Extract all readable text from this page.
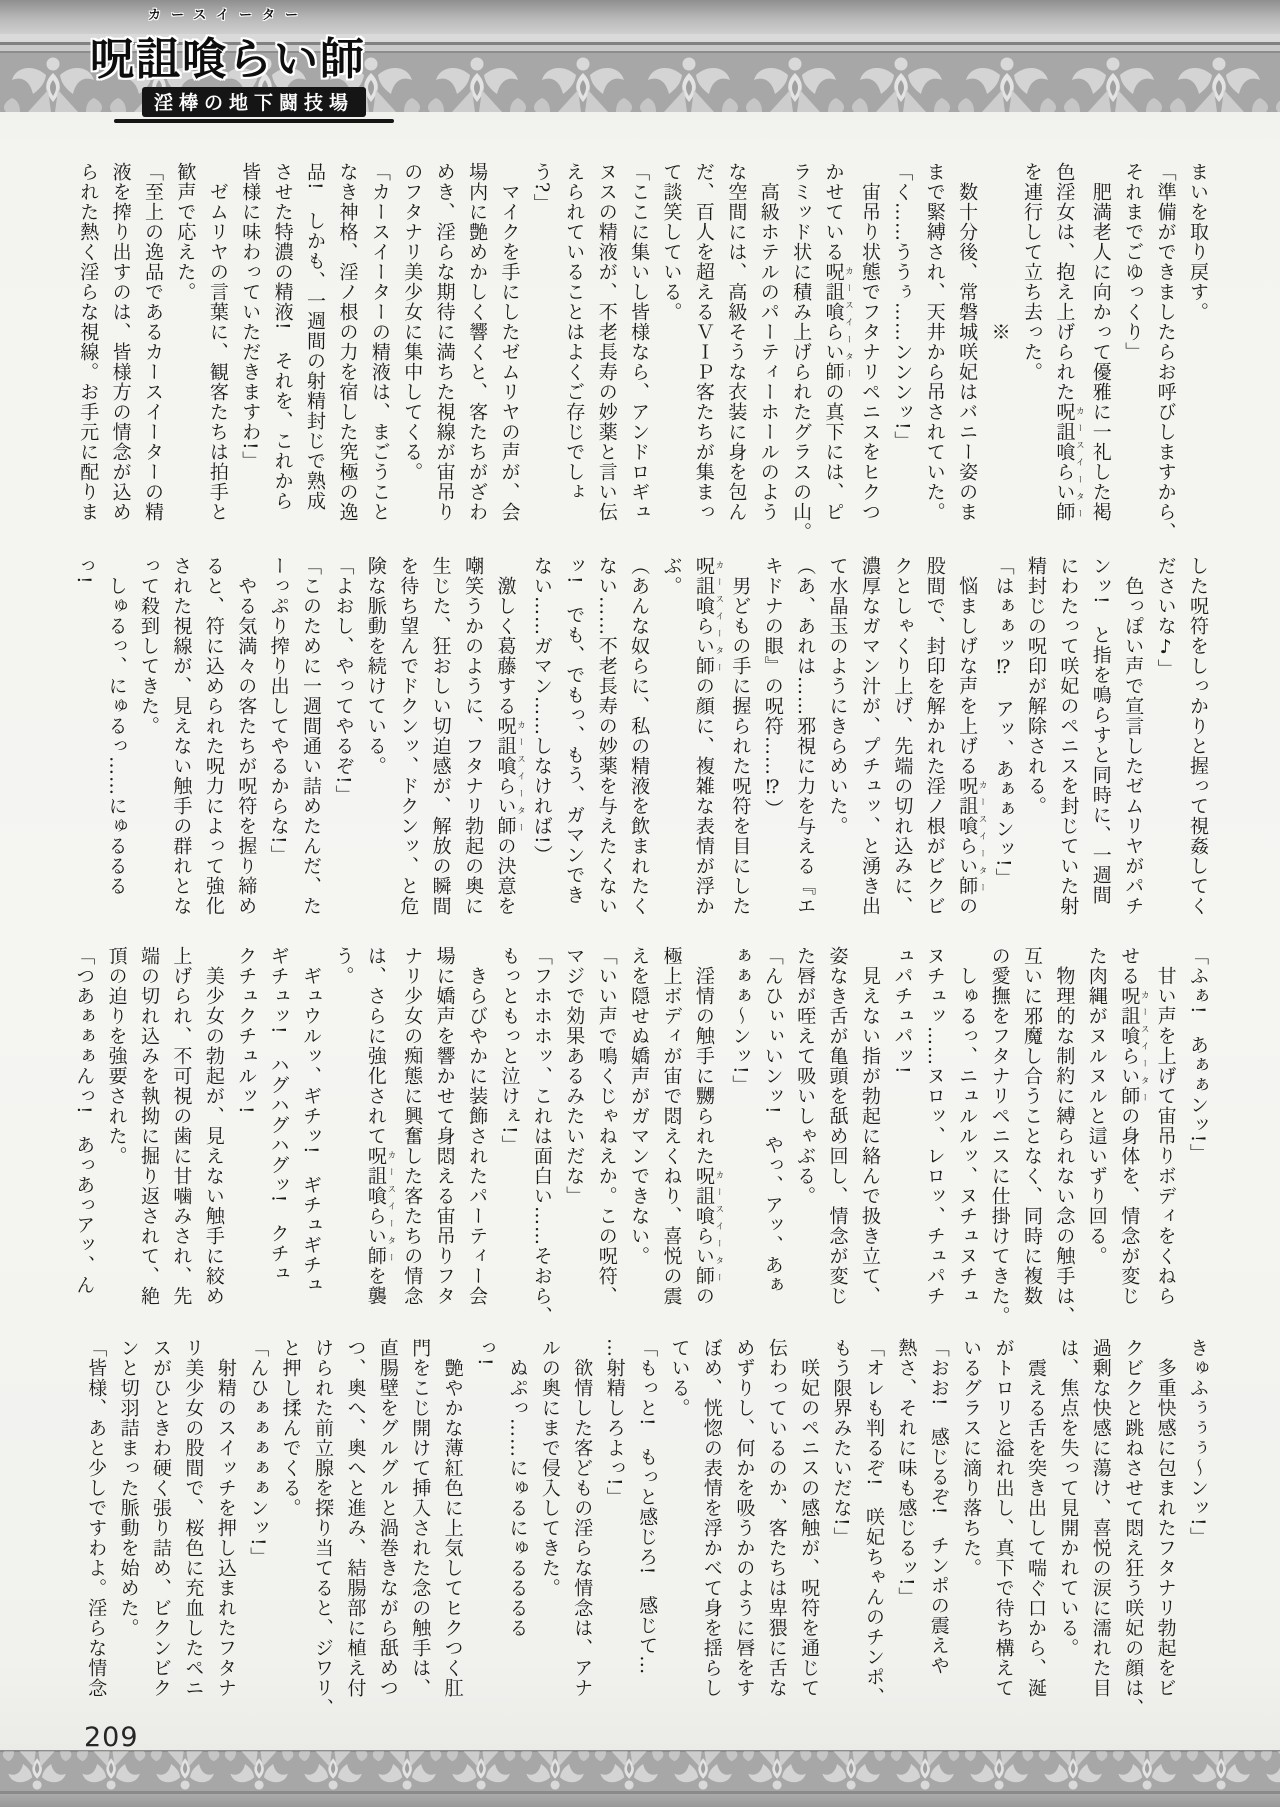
カースイーター
呪詛喰らい師
淫棒の地下闘技場

まいを取り戻す。

「準備ができましたらお呼びしますから、

それまでごゆっくり」

　肥満老人に向かって優雅に一礼した褐

色淫女は、抱え上げられた呪詛喰らい師 カースイーター

を連行して立ち去った。

　　　　　　　　※

　数十分後、常磐城咲妃はバニー姿のま

まで緊縛され、天井から吊されていた。

「く……ううぅ……ンンンッ!」

　宙吊り状態でフタナリペニスをヒクつ

かせている呪詛喰らい師 カースイーターの真下には、ピ

ラミッド状に積み上げられたグラスの山。

　高級ホテルのパーティーホールのよう

な空間には、高級そうな衣装に身を包ん

だ、百人を超えるＶＩＰ客たちが集まっ

て談笑している。

「ここに集いし皆様なら、アンドロギュ

ヌスの精液が、不老長寿の妙薬と言い伝

えられていることはよくご存じでしょ

う?」

　マイクを手にしたゼムリヤの声が、会

場内に艶めかしく響くと、客たちがざわ

めき、淫らな期待に満ちた視線が宙吊り

のフタナリ美少女に集中してくる。

「カースイーターの精液は、まごうこと

なき神格、淫ノ根の力を宿した究極の逸

品!　しかも、一週間の射精封じで熟成

させた特濃の精液!　それを、これから

皆様に味わっていただきますわ!」

　ゼムリヤの言葉に、観客たちは拍手と

歓声で応えた。

「至上の逸品であるカースイーターの精

液を搾り出すのは、皆様方の情念が込め

られた熱く淫らな視線。お手元に配りま

した呪符をしっかりと握って視姦してく

ださいな♪」

　色っぽい声で宣言したゼムリヤがパチ

ンッ!　と指を鳴らすと同時に、一週間

にわたって咲妃のペニスを封じていた射

精封じの呪印が解除される。

「はぁぁッ⁉　アッ、あぁぁンッ!」

　悩ましげな声を上げる呪詛喰らい師 カースイーターの

股間で、封印を解かれた淫ノ根がビクビ

クとしゃくり上げ、先端の切れ込みに、

濃厚なガマン汁が、プチュッ、と湧き出

て水晶玉のようにきらめいた。

（あ、あれは……邪視に力を与える『エ

キドナの眼』の呪符……⁉）

　男どもの手に握られた呪符を目にした

呪詛喰らい師 カースイーターの顔に、複雑な表情が浮か

ぶ。

（あんな奴らに、私の精液を飲まれたく

ない……不老長寿の妙薬を与えたくない

ッ!　でも、でもっ、もう、ガマンでき

ない……ガマン……しなければ!）

　激しく葛藤する呪詛喰らい師 カースイーターの決意を

嘲笑うかのように、フタナリ勃起の奥に

生じた、狂おしい切迫感が、解放の瞬間

を待ち望んでドクンッ、ドクンッ、と危

険な脈動を続けている。

「よおし、やってやるぞ!」

「このために一週間通い詰めたんだ、た

ーっぷり搾り出してやるからな!」

　やる気満々の客たちが呪符を握り締め

ると、符に込められた呪力によって強化

された視線が、見えない触手の群れとな

って殺到してきた。

　しゅるっ、にゅるっ……にゅるるる

っ!

「ふぁ!　あぁぁンッ!」

　甘い声を上げて宙吊りボディをくねら

せる呪詛喰らい師 カースイーターの身体を、情念が変じ

た肉縄がヌルヌルと這いずり回る。

　物理的な制約に縛られない念の触手は、

互いに邪魔し合うことなく、同時に複数

の愛撫をフタナリペニスに仕掛けてきた。

　しゅるっ、ニュルルッ、ヌチュヌチュ

ヌチュッ……ヌロッ、レロッ、チュパチ

ュパチュパッ!

　見えない指が勃起に絡んで扱き立て、

姿なき舌が亀頭を舐め回し、情念が変じ

た唇が咥えて吸いしゃぶる。

「んひぃぃいンッ!　やっ、アッ、あぁ

ぁぁぁ〜ンッ!」

　淫情の触手に嬲られた呪詛喰らい師 カースイーターの

極上ボディが宙で悶えくねり、喜悦の震

えを隠せぬ嬌声がガマンできない。

「いい声で鳴くじゃねえか。この呪符、

マジで効果あるみたいだな」

「フホホホッ、これは面白い……そおら、

もっともっと泣けぇ!」

　きらびやかに装飾されたパーティー会

場に嬌声を響かせて身悶える宙吊りフタ

ナリ少女の痴態に興奮した客たちの情念

は、さらに強化されて呪詛喰らい師 カースイーターを襲

う。

　ギュウルッ、ギチッ!　ギチュギチュ

ギチュッ!　ハグハグハグッ!　クチュ

クチュクチュルッ!

　美少女の勃起が、見えない触手に絞め

上げられ、不可視の歯に甘噛みされ、先

端の切れ込みを執拗に掘り返されて、絶

頂の迫りを強要された。

「つあぁぁぁんっ!　あっあっアッ、ん

きゅふぅぅぅ〜ンッ!」

　多重快感に包まれたフタナリ勃起をビ

クビクと跳ねさせて悶え狂う咲妃の顔は、

過剰な快感に蕩け、喜悦の涙に濡れた目

は、焦点を失って見開かれている。

　震える舌を突き出して喘ぐ口から、涎

がトロリと溢れ出し、真下で待ち構えて

いるグラスに滴り落ちた。

「おお!　感じるぞ!　チンポの震えや

熱さ、それに味も感じるッ!」

「オレも判るぞ!　咲妃ちゃんのチンポ、

もう限界みたいだな!」

　咲妃のペニスの感触が、呪符を通じて

伝わっているのか、客たちは卑猥に舌な

めずりし、何かを吸うかのように唇をす

ぼめ、恍惚の表情を浮かべて身を揺らし

ている。

「もっと!　もっと感じろ!　感じて…

…射精しろよっ!」

　欲情した客どもの淫らな情念は、アナ

ルの奥にまで侵入してきた。

　ぬぷっ……にゅるにゅるるるる

っ!

　艶やかな薄紅色に上気してヒクつく肛

門をこじ開けて挿入された念の触手は、

直腸壁をグルグルと渦巻きながら舐めつ

つ、奥へ、奥へと進み、結腸部に植え付

けられた前立腺を探り当てると、ジワリ、

と押し揉んでくる。

「んひぁぁぁぁぁンッ!」

　射精のスイッチを押し込まれたフタナ

リ美少女の股間で、桜色に充血したペニ

スがひときわ硬く張り詰め、ビクンビク

ンと切羽詰まった脈動を始めた。

「皆様、あと少しですわよ。淫らな情念

209
